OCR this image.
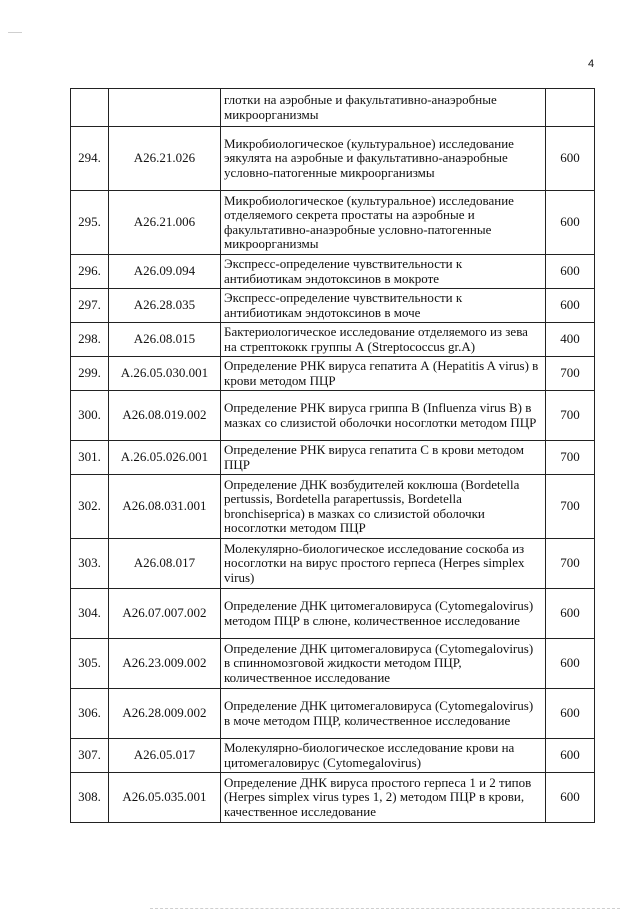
4
		глотки на аэробные и факультативно-анаэробные микроорганизмы	
294.	A26.21.026	Микробиологическое (культуральное) исследование эякулята на аэробные и факультативно-анаэробные условно-патогенные микроорганизмы	600
295.	A26.21.006	Микробиологическое (культуральное) исследование отделяемого секрета простаты на аэробные и факультативно-анаэробные условно-патогенные микроорганизмы	600
296.	A26.09.094	Экспресс-определение чувствительности к антибиотикам эндотоксинов в мокроте	600
297.	A26.28.035	Экспресс-определение чувствительности к антибиотикам эндотоксинов в моче	600
298.	A26.08.015	Бактериологическое исследование отделяемого из зева на стрептококк группы А (Streptococcus gr.A)	400
299.	A.26.05.030.001	Определение РНК вируса гепатита А (Hepatitis A virus) в крови методом ПЦР	700
300.	A26.08.019.002	Определение РНК вируса гриппа В (Influenza virus B) в мазках со слизистой оболочки носоглотки методом ПЦР	700
301.	A.26.05.026.001	Определение РНК вируса гепатита С в крови методом ПЦР	700
302.	A26.08.031.001	Определение ДНК возбудителей коклюша (Bordetella pertussis, Bordetella parapertussis, Bordetella bronchiseprica) в мазках со слизистой оболочки носоглотки методом ПЦР	700
303.	A26.08.017	Молекулярно-биологическое исследование соскоба из носоглотки на вирус простого герпеса (Herpes simplex virus)	700
304.	A26.07.007.002	Определение ДНК цитомегаловируса (Cytomegalovirus) методом ПЦР в слюне, количественное исследование	600
305.	A26.23.009.002	Определение ДНК цитомегаловируса (Cytomegalovirus) в спинномозговой жидкости методом ПЦР, количественное исследование	600
306.	A26.28.009.002	Определение ДНК цитомегаловируса (Cytomegalovirus) в моче методом ПЦР, количественное исследование	600
307.	A26.05.017	Молекулярно-биологическое исследование крови на цитомегаловирус (Cytomegalovirus)	600
308.	A26.05.035.001	Определение ДНК вируса простого герпеса 1 и 2 типов (Herpes simplex virus types 1, 2) методом ПЦР в крови, качественное исследование	600
